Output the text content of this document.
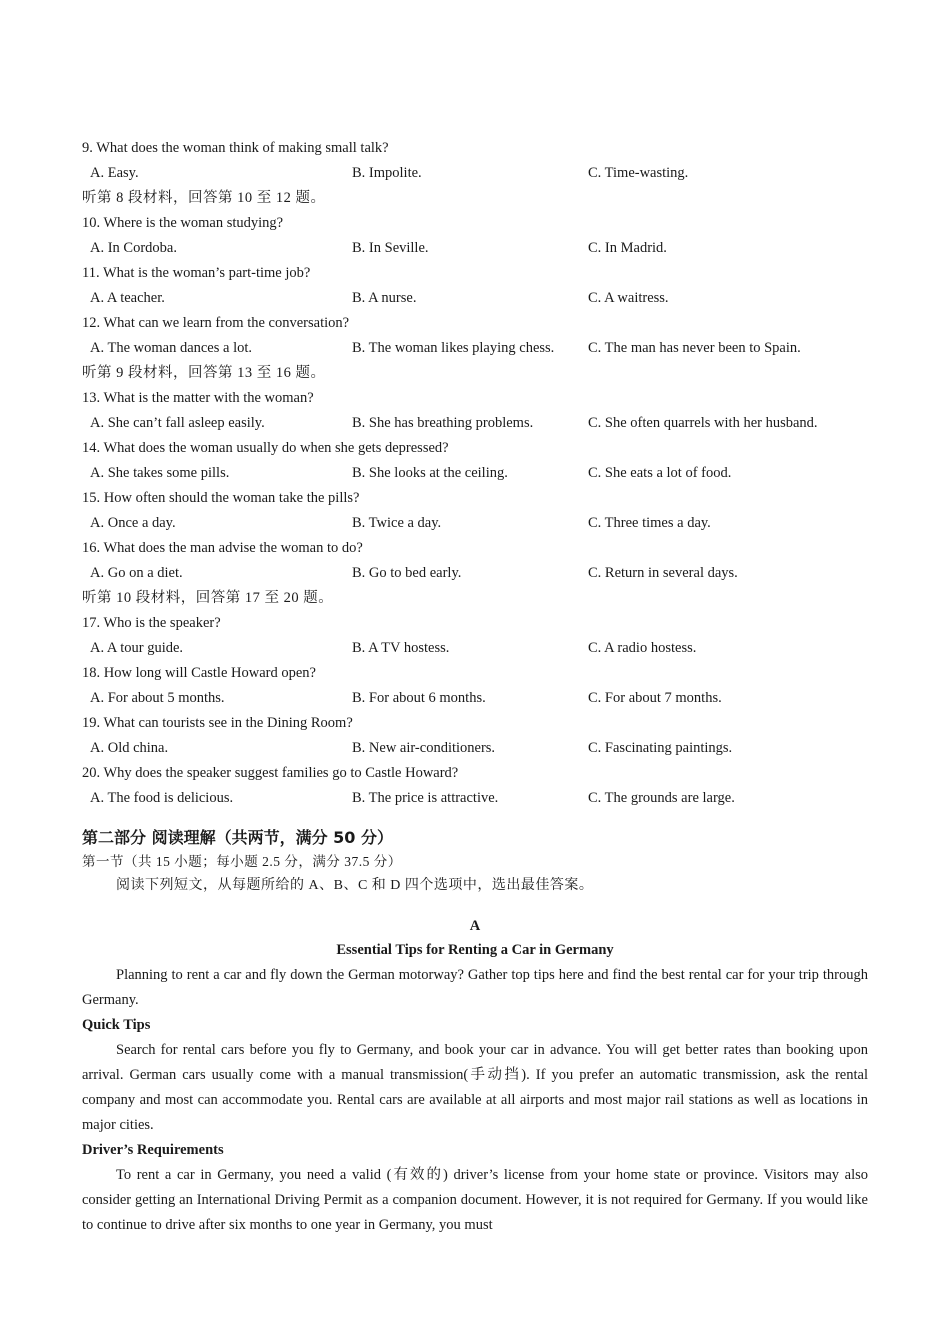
9. What does the woman think of making small talk?
A. Easy.	B. Impolite.	C. Time-wasting.
听第 8 段材料，回答第 10 至 12 题。
10. Where is the woman studying?
A. In Cordoba.	B. In Seville.	C. In Madrid.
11. What is the woman’s part-time job?
A. A teacher.	B. A nurse.	C. A waitress.
12. What can we learn from the conversation?
A. The woman dances a lot.	B. The woman likes playing chess. C. The man has never been to Spain.
听第 9 段材料，回答第 13 至 16 题。
13. What is the matter with the woman?
A. She can’t fall asleep easily.	B. She has breathing problems.	C. She often quarrels with her husband.
14. What does the woman usually do when she gets depressed?
A. She takes some pills.	B. She looks at the ceiling.	C. She eats a lot of food.
15. How often should the woman take the pills?
A. Once a day.	B. Twice a day.	C. Three times a day.
16. What does the man advise the woman to do?
A. Go on a diet.	B. Go to bed early.	C. Return in several days.
听第 10 段材料，回答第 17 至 20 题。
17. Who is the speaker?
A. A tour guide.	B. A TV hostess.	C. A radio hostess.
18. How long will Castle Howard open?
A. For about 5 months.	B. For about 6 months.	C. For about 7 months.
19. What can tourists see in the Dining Room?
A. Old china.	B. New air-conditioners.	C. Fascinating paintings.
20. Why does the speaker suggest families go to Castle Howard?
A. The food is delicious.	B. The price is attractive.	C. The grounds are large.
第二部分 阅读理解（共两节，满分 50 分）
第一节（共 15 小题；每小题 2.5 分，满分 37.5 分）
阅读下列短文，从每题所给的 A、B、C 和 D 四个选项中，选出最佳答案。
A
Essential Tips for Renting a Car in Germany

Planning to rent a car and fly down the German motorway? Gather top tips here and find the best rental car for your trip through Germany.

Quick Tips

Search for rental cars before you fly to Germany, and book your car in advance. You will get better rates than booking upon arrival. German cars usually come with a manual transmission(手动挡). If you prefer an automatic transmission, ask the rental company and most can accommodate you. Rental cars are available at all airports and most major rail stations as well as locations in major cities.

Driver’s Requirements

To rent a car in Germany, you need a valid (有效的) driver’s license from your home state or province. Visitors may also consider getting an International Driving Permit as a companion document. However, it is not required for Germany. If you would like to continue to drive after six months to one year in Germany, you must
